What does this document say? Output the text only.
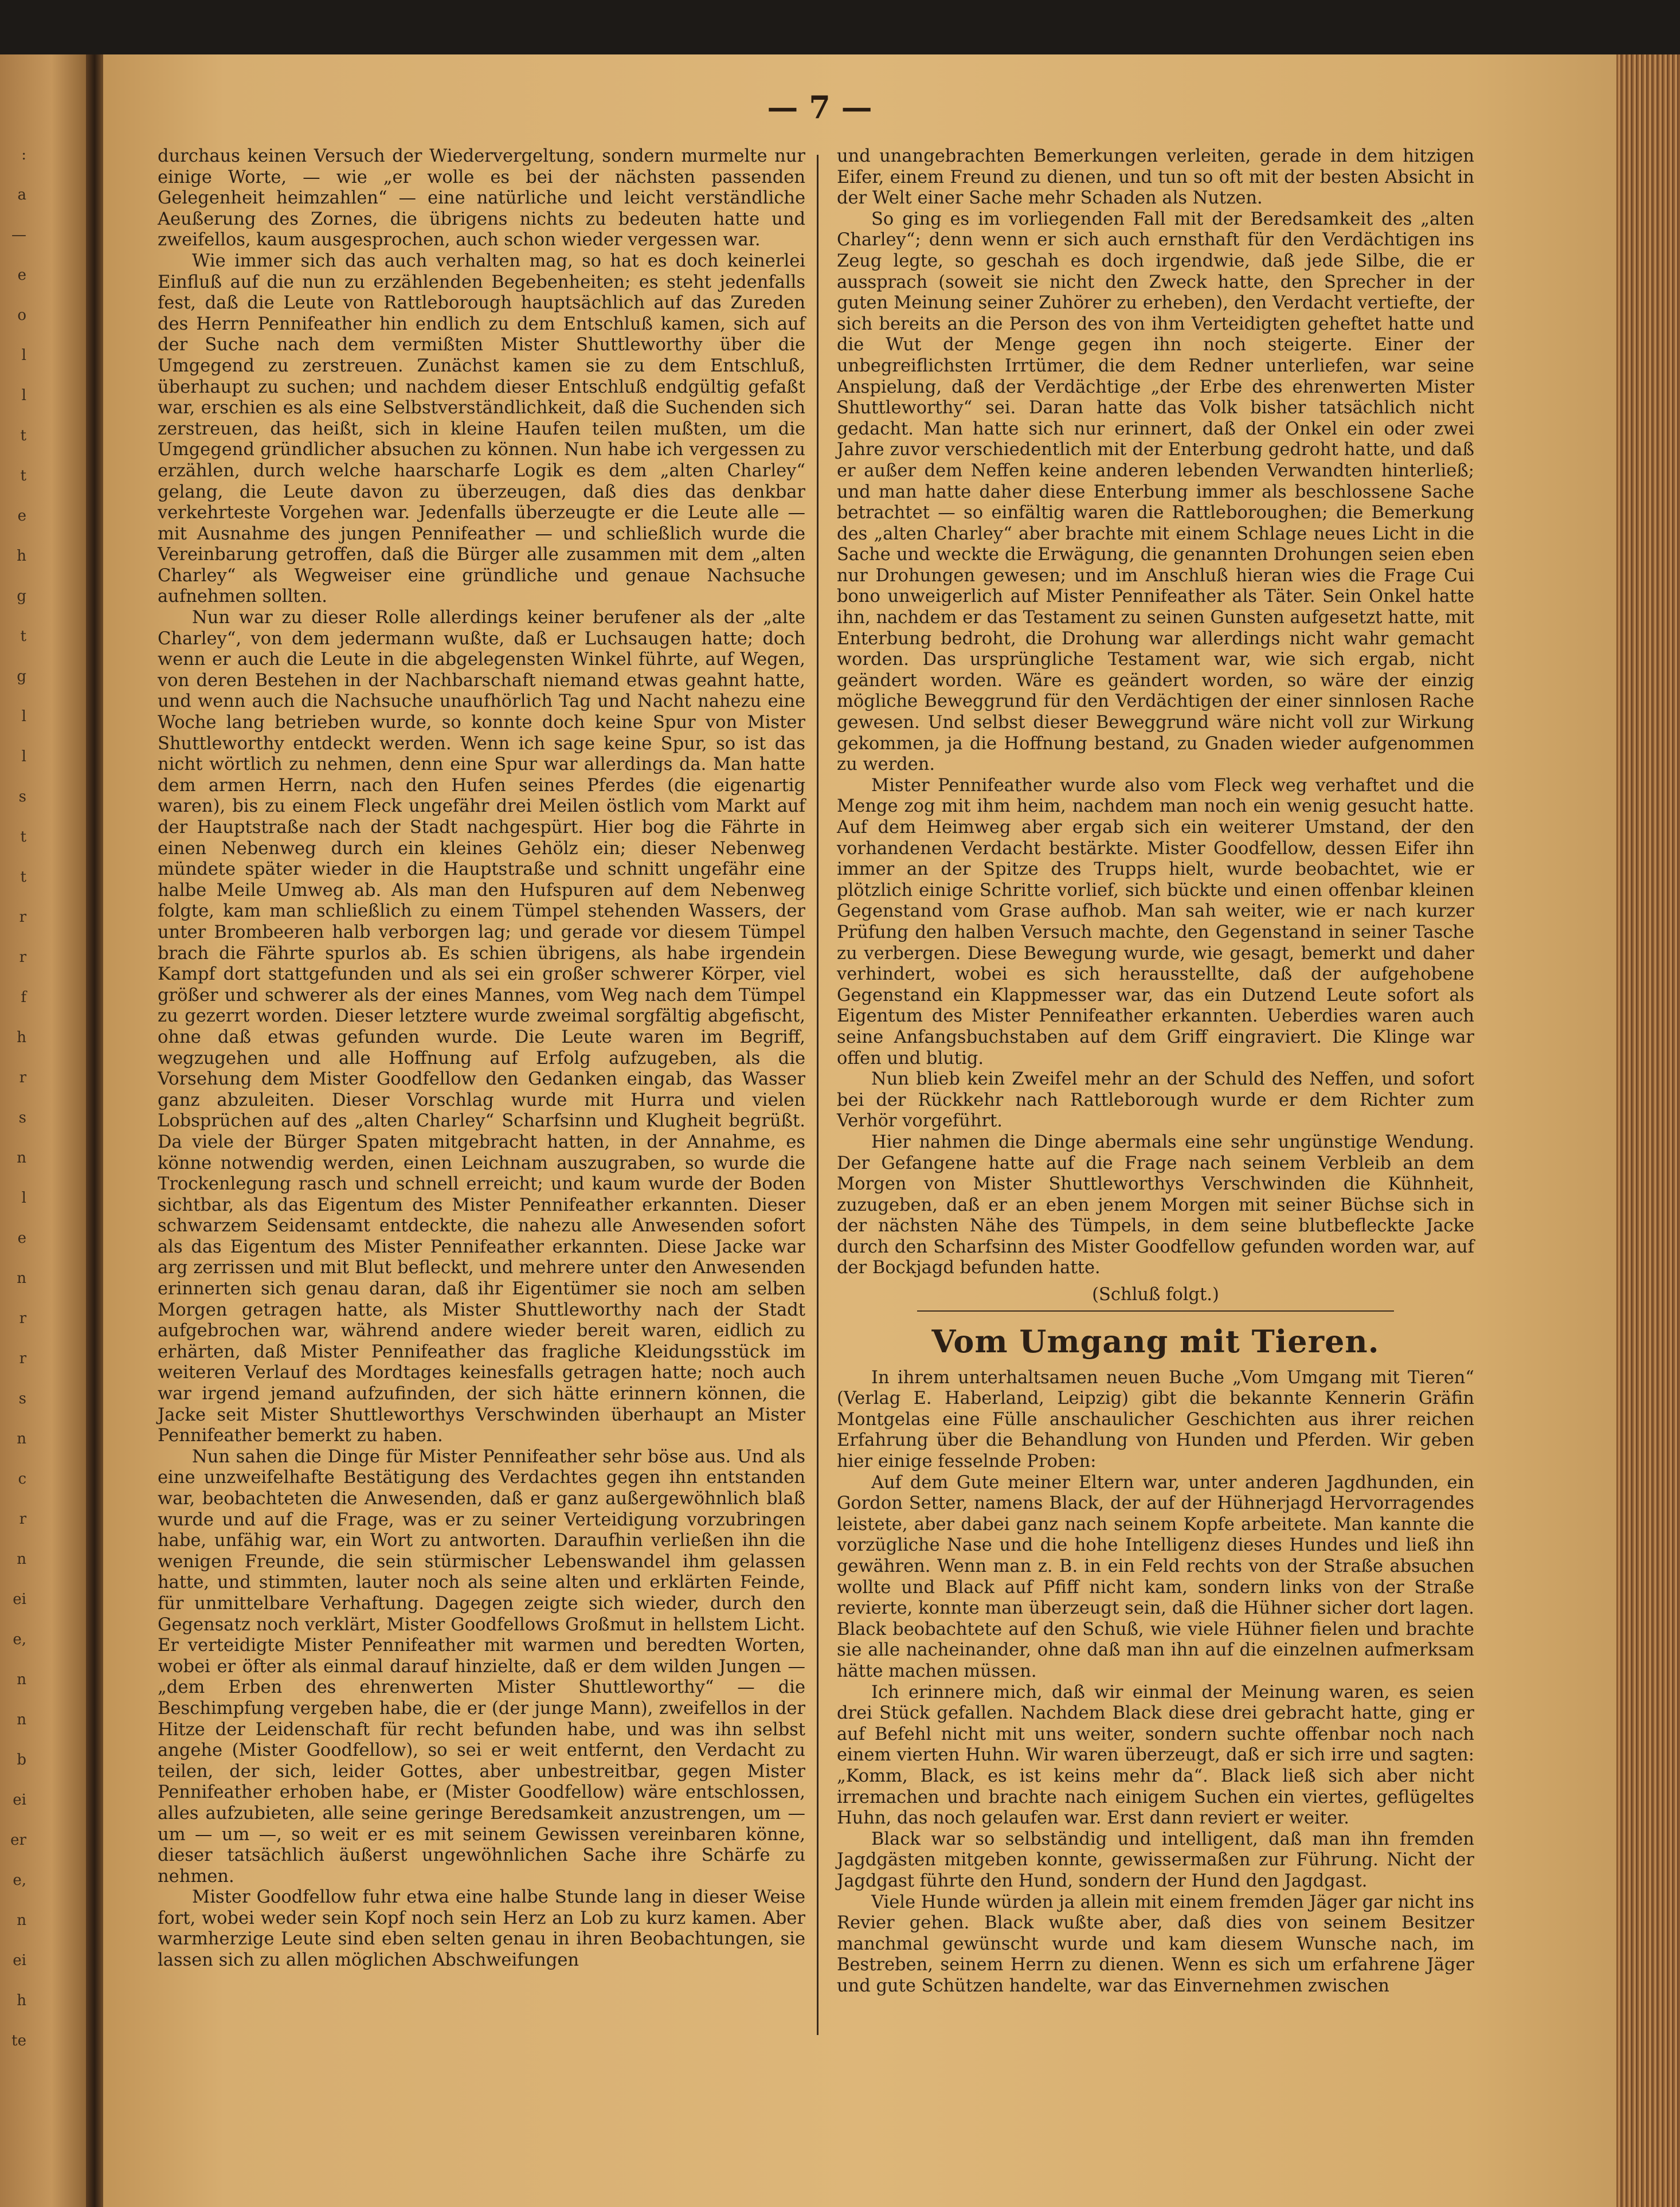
:
a
—
e
o
l
l
t
t
e
h
g
t
g
l
l
s
t
t
r
r
f
h
r
s
n
l
e
n
r
r
s
n
c
r
n
ei
e,
n
n
b
ei
er
e,
n
ei
h
te
— 7 —

durchaus keinen Versuch der Wiedervergeltung, sondern murmelte nur einige Worte, — wie „er wolle es bei der nächsten passenden Gelegenheit heimzahlen“ — eine natürliche und leicht verständliche Aeußerung des Zornes, die übrigens nichts zu bedeuten hatte und zweifellos, kaum ausgesprochen, auch schon wieder vergessen war.

Wie immer sich das auch verhalten mag, so hat es doch keinerlei Einfluß auf die nun zu erzählenden Begebenheiten; es steht jedenfalls fest, daß die Leute von Rattleborough hauptsächlich auf das Zureden des Herrn Pennifeather hin endlich zu dem Entschluß kamen, sich auf der Suche nach dem vermißten Mister Shuttleworthy über die Umgegend zu zerstreuen. Zunächst kamen sie zu dem Entschluß, überhaupt zu suchen; und nachdem dieser Entschluß endgültig gefaßt war, erschien es als eine Selbstverständlichkeit, daß die Suchenden sich zerstreuen, das heißt, sich in kleine Haufen teilen mußten, um die Umgegend gründlicher absuchen zu können. Nun habe ich vergessen zu erzählen, durch welche haarscharfe Logik es dem „alten Charley“ gelang, die Leute davon zu überzeugen, daß dies das denkbar verkehrteste Vorgehen war. Jedenfalls überzeugte er die Leute alle — mit Ausnahme des jungen Pennifeather — und schließlich wurde die Vereinbarung getroffen, daß die Bürger alle zusammen mit dem „alten Charley“ als Wegweiser eine gründliche und genaue Nachsuche aufnehmen sollten.

Nun war zu dieser Rolle allerdings keiner berufener als der „alte Charley“, von dem jedermann wußte, daß er Luchsaugen hatte; doch wenn er auch die Leute in die abgelegensten Winkel führte, auf Wegen, von deren Bestehen in der Nachbarschaft niemand etwas geahnt hatte, und wenn auch die Nachsuche unaufhörlich Tag und Nacht nahezu eine Woche lang betrieben wurde, so konnte doch keine Spur von Mister Shuttleworthy entdeckt werden. Wenn ich sage keine Spur, so ist das nicht wörtlich zu nehmen, denn eine Spur war allerdings da. Man hatte dem armen Herrn, nach den Hufen seines Pferdes (die eigenartig waren), bis zu einem Fleck ungefähr drei Meilen östlich vom Markt auf der Hauptstraße nach der Stadt nachgespürt. Hier bog die Fährte in einen Nebenweg durch ein kleines Gehölz ein; dieser Nebenweg mündete später wieder in die Hauptstraße und schnitt ungefähr eine halbe Meile Umweg ab. Als man den Hufspuren auf dem Nebenweg folgte, kam man schließlich zu einem Tümpel stehenden Wassers, der unter Brombeeren halb verborgen lag; und gerade vor diesem Tümpel brach die Fährte spurlos ab. Es schien übrigens, als habe irgendein Kampf dort stattgefunden und als sei ein großer schwerer Körper, viel größer und schwerer als der eines Mannes, vom Weg nach dem Tümpel zu gezerrt worden. Dieser letztere wurde zweimal sorgfältig abgefischt, ohne daß etwas gefunden wurde. Die Leute waren im Begriff, wegzugehen und alle Hoffnung auf Erfolg aufzugeben, als die Vorsehung dem Mister Goodfellow den Gedanken eingab, das Wasser ganz abzuleiten. Dieser Vorschlag wurde mit Hurra und vielen Lobsprüchen auf des „alten Charley“ Scharfsinn und Klugheit begrüßt. Da viele der Bürger Spaten mitgebracht hatten, in der Annahme, es könne notwendig werden, einen Leichnam auszugraben, so wurde die Trockenlegung rasch und schnell erreicht; und kaum wurde der Boden sichtbar, als das Eigentum des Mister Pennifeather erkannten. Dieser schwarzem Seidensamt entdeckte, die nahezu alle Anwesenden sofort als das Eigentum des Mister Pennifeather erkannten. Diese Jacke war arg zerrissen und mit Blut befleckt, und mehrere unter den Anwesenden erinnerten sich genau daran, daß ihr Eigentümer sie noch am selben Morgen getragen hatte, als Mister Shuttleworthy nach der Stadt aufgebrochen war, während andere wieder bereit waren, eidlich zu erhärten, daß Mister Pennifeather das fragliche Kleidungsstück im weiteren Verlauf des Mordtages keinesfalls getragen hatte; noch auch war irgend jemand aufzufinden, der sich hätte erinnern können, die Jacke seit Mister Shuttleworthys Verschwinden überhaupt an Mister Pennifeather bemerkt zu haben.

Nun sahen die Dinge für Mister Pennifeather sehr böse aus. Und als eine unzweifelhafte Bestätigung des Verdachtes gegen ihn entstanden war, beobachteten die Anwesenden, daß er ganz außergewöhnlich blaß wurde und auf die Frage, was er zu seiner Verteidigung vorzubringen habe, unfähig war, ein Wort zu antworten. Daraufhin verließen ihn die wenigen Freunde, die sein stürmischer Lebenswandel ihm gelassen hatte, und stimmten, lauter noch als seine alten und erklärten Feinde, für unmittelbare Verhaftung. Dagegen zeigte sich wieder, durch den Gegensatz noch verklärt, Mister Goodfellows Großmut in hellstem Licht. Er verteidigte Mister Pennifeather mit warmen und beredten Worten, wobei er öfter als einmal darauf hinzielte, daß er dem wilden Jungen — „dem Erben des ehrenwerten Mister Shuttleworthy“ — die Beschimpfung vergeben habe, die er (der junge Mann), zweifellos in der Hitze der Leidenschaft für recht befunden habe, und was ihn selbst angehe (Mister Goodfellow), so sei er weit entfernt, den Verdacht zu teilen, der sich, leider Gottes, aber unbestreitbar, gegen Mister Pennifeather erhoben habe, er (Mister Goodfellow) wäre entschlossen, alles aufzubieten, alle seine geringe Beredsamkeit anzustrengen, um — um — um —, so weit er es mit seinem Gewissen vereinbaren könne, dieser tatsächlich äußerst ungewöhnlichen Sache ihre Schärfe zu nehmen.

Mister Goodfellow fuhr etwa eine halbe Stunde lang in dieser Weise fort, wobei weder sein Kopf noch sein Herz an Lob zu kurz kamen. Aber warmherzige Leute sind eben selten genau in ihren Beobachtungen, sie lassen sich zu allen möglichen Abschweifungen

und unangebrachten Bemerkungen verleiten, gerade in dem hitzigen Eifer, einem Freund zu dienen, und tun so oft mit der besten Absicht in der Welt einer Sache mehr Schaden als Nutzen.

So ging es im vorliegenden Fall mit der Beredsamkeit des „alten Charley“; denn wenn er sich auch ernsthaft für den Verdächtigen ins Zeug legte, so geschah es doch irgendwie, daß jede Silbe, die er aussprach (soweit sie nicht den Zweck hatte, den Sprecher in der guten Meinung seiner Zuhörer zu erheben), den Verdacht vertiefte, der sich bereits an die Person des von ihm Verteidigten geheftet hatte und die Wut der Menge gegen ihn noch steigerte. Einer der unbegreiflichsten Irrtümer, die dem Redner unterliefen, war seine Anspielung, daß der Verdächtige „der Erbe des ehrenwerten Mister Shuttleworthy“ sei. Daran hatte das Volk bisher tatsächlich nicht gedacht. Man hatte sich nur erinnert, daß der Onkel ein oder zwei Jahre zuvor verschiedentlich mit der Enterbung gedroht hatte, und daß er außer dem Neffen keine anderen lebenden Verwandten hinterließ; und man hatte daher diese Enterbung immer als beschlossene Sache betrachtet — so einfältig waren die Rattleboroughen; die Bemerkung des „alten Charley“ aber brachte mit einem Schlage neues Licht in die Sache und weckte die Erwägung, die genannten Drohungen seien eben nur Drohungen gewesen; und im Anschluß hieran wies die Frage Cui bono unweigerlich auf Mister Pennifeather als Täter. Sein Onkel hatte ihn, nachdem er das Testament zu seinen Gunsten aufgesetzt hatte, mit Enterbung bedroht, die Drohung war allerdings nicht wahr gemacht worden. Das ursprüngliche Testament war, wie sich ergab, nicht geändert worden. Wäre es geändert worden, so wäre der einzig mögliche Beweggrund für den Verdächtigen der einer sinnlosen Rache gewesen. Und selbst dieser Beweggrund wäre nicht voll zur Wirkung gekommen, ja die Hoffnung bestand, zu Gnaden wieder aufgenommen zu werden.

Mister Pennifeather wurde also vom Fleck weg verhaftet und die Menge zog mit ihm heim, nachdem man noch ein wenig gesucht hatte. Auf dem Heimweg aber ergab sich ein weiterer Umstand, der den vorhandenen Verdacht bestärkte. Mister Goodfellow, dessen Eifer ihn immer an der Spitze des Trupps hielt, wurde beobachtet, wie er plötzlich einige Schritte vorlief, sich bückte und einen offenbar kleinen Gegenstand vom Grase aufhob. Man sah weiter, wie er nach kurzer Prüfung den halben Versuch machte, den Gegenstand in seiner Tasche zu verbergen. Diese Bewegung wurde, wie gesagt, bemerkt und daher verhindert, wobei es sich herausstellte, daß der aufgehobene Gegenstand ein Klappmesser war, das ein Dutzend Leute sofort als Eigentum des Mister Pennifeather erkannten. Ueberdies waren auch seine Anfangsbuchstaben auf dem Griff eingraviert. Die Klinge war offen und blutig.

Nun blieb kein Zweifel mehr an der Schuld des Neffen, und sofort bei der Rückkehr nach Rattleborough wurde er dem Richter zum Verhör vorgeführt.

Hier nahmen die Dinge abermals eine sehr ungünstige Wendung. Der Gefangene hatte auf die Frage nach seinem Verbleib an dem Morgen von Mister Shuttleworthys Verschwinden die Kühnheit, zuzugeben, daß er an eben jenem Morgen mit seiner Büchse sich in der nächsten Nähe des Tümpels, in dem seine blutbefleckte Jacke durch den Scharfsinn des Mister Goodfellow gefunden worden war, auf der Bockjagd befunden hatte.

(Schluß folgt.)

Vom Umgang mit Tieren.

In ihrem unterhaltsamen neuen Buche „Vom Umgang mit Tieren“ (Verlag E. Haberland, Leipzig) gibt die bekannte Kennerin Gräfin Montgelas eine Fülle anschaulicher Geschichten aus ihrer reichen Erfahrung über die Behandlung von Hunden und Pferden. Wir geben hier einige fesselnde Proben:

Auf dem Gute meiner Eltern war, unter anderen Jagdhunden, ein Gordon Setter, namens Black, der auf der Hühnerjagd Hervorragendes leistete, aber dabei ganz nach seinem Kopfe arbeitete. Man kannte die vorzügliche Nase und die hohe Intelligenz dieses Hundes und ließ ihn gewähren. Wenn man z. B. in ein Feld rechts von der Straße absuchen wollte und Black auf Pfiff nicht kam, sondern links von der Straße revierte, konnte man überzeugt sein, daß die Hühner sicher dort lagen. Black beobachtete auf den Schuß, wie viele Hühner fielen und brachte sie alle nacheinander, ohne daß man ihn auf die einzelnen aufmerksam hätte machen müssen.

Ich erinnere mich, daß wir einmal der Meinung waren, es seien drei Stück gefallen. Nachdem Black diese drei gebracht hatte, ging er auf Befehl nicht mit uns weiter, sondern suchte offenbar noch nach einem vierten Huhn. Wir waren überzeugt, daß er sich irre und sagten: „Komm, Black, es ist keins mehr da“. Black ließ sich aber nicht irremachen und brachte nach einigem Suchen ein viertes, geflügeltes Huhn, das noch gelaufen war. Erst dann reviert er weiter.

Black war so selbständig und intelligent, daß man ihn fremden Jagdgästen mitgeben konnte, gewissermaßen zur Führung. Nicht der Jagdgast führte den Hund, sondern der Hund den Jagdgast.

Viele Hunde würden ja allein mit einem fremden Jäger gar nicht ins Revier gehen. Black wußte aber, daß dies von seinem Besitzer manchmal gewünscht wurde und kam diesem Wunsche nach, im Bestreben, seinem Herrn zu dienen. Wenn es sich um erfahrene Jäger und gute Schützen handelte, war das Einvernehmen zwischen
